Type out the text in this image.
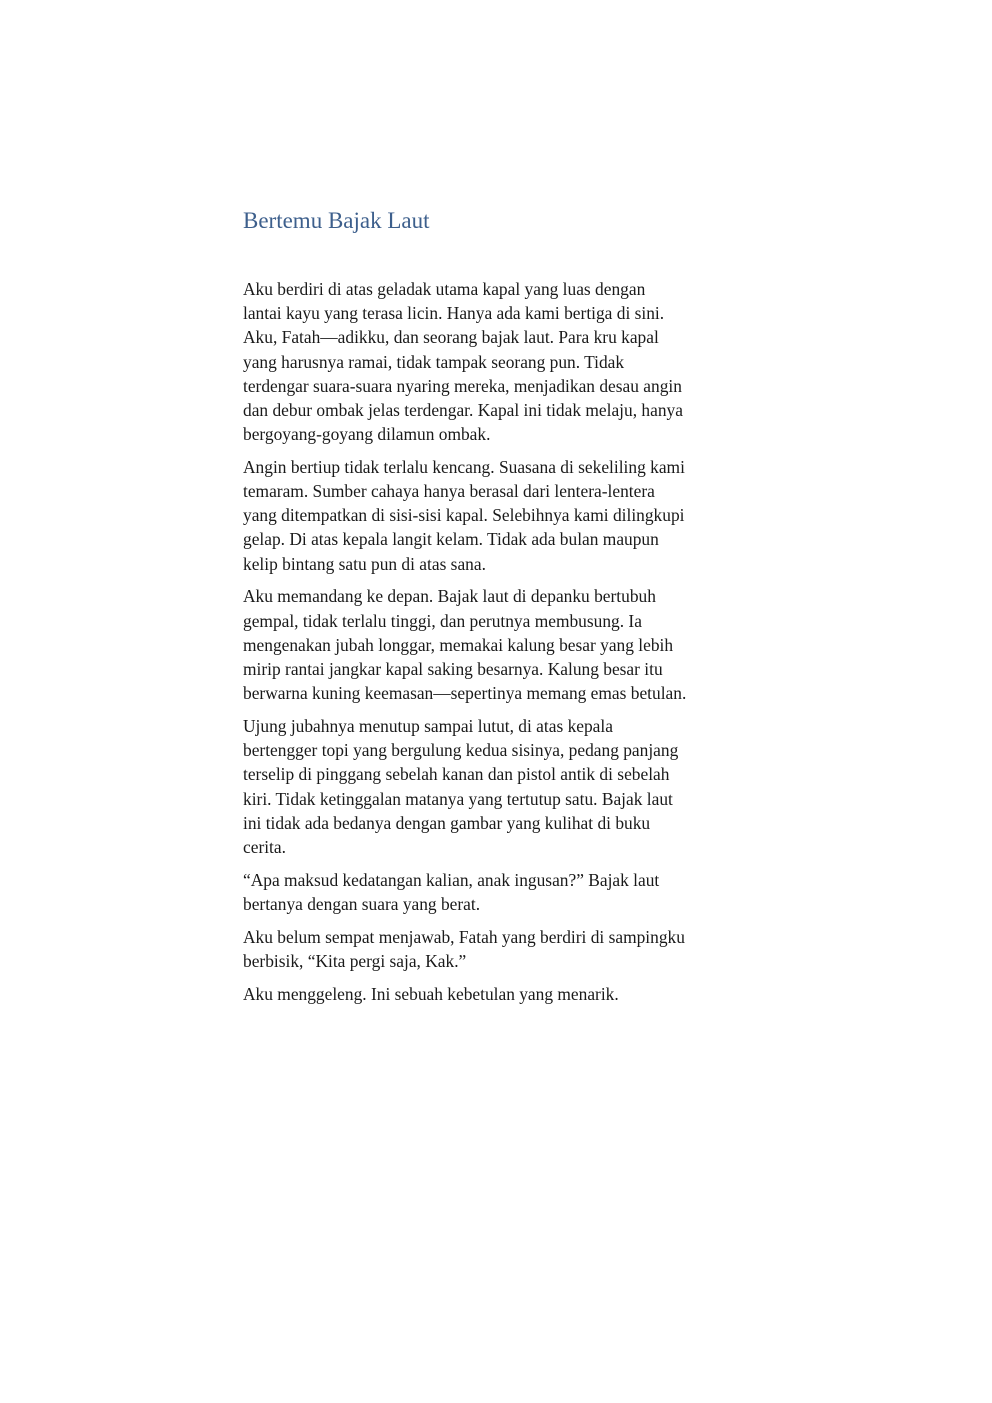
Bertemu Bajak Laut

Aku berdiri di atas geladak utama kapal yang luas dengan
lantai kayu yang terasa licin. Hanya ada kami bertiga di sini.
Aku, Fatah—adikku, dan seorang bajak laut. Para kru kapal
yang harusnya ramai, tidak tampak seorang pun. Tidak
terdengar suara-suara nyaring mereka, menjadikan desau angin
dan debur ombak jelas terdengar. Kapal ini tidak melaju, hanya
bergoyang-goyang dilamun ombak.

Angin bertiup tidak terlalu kencang. Suasana di sekeliling kami
temaram. Sumber cahaya hanya berasal dari lentera-lentera
yang ditempatkan di sisi-sisi kapal. Selebihnya kami dilingkupi
gelap. Di atas kepala langit kelam. Tidak ada bulan maupun
kelip bintang satu pun di atas sana.

Aku memandang ke depan. Bajak laut di depanku bertubuh
gempal, tidak terlalu tinggi, dan perutnya membusung. Ia
mengenakan jubah longgar, memakai kalung besar yang lebih
mirip rantai jangkar kapal saking besarnya. Kalung besar itu
berwarna kuning keemasan—sepertinya memang emas betulan.

Ujung jubahnya menutup sampai lutut, di atas kepala
bertengger topi yang bergulung kedua sisinya, pedang panjang
terselip di pinggang sebelah kanan dan pistol antik di sebelah
kiri. Tidak ketinggalan matanya yang tertutup satu. Bajak laut
ini tidak ada bedanya dengan gambar yang kulihat di buku
cerita.

“Apa maksud kedatangan kalian, anak ingusan?” Bajak laut
bertanya dengan suara yang berat.

Aku belum sempat menjawab, Fatah yang berdiri di sampingku
berbisik, “Kita pergi saja, Kak.”

Aku menggeleng. Ini sebuah kebetulan yang menarik.
